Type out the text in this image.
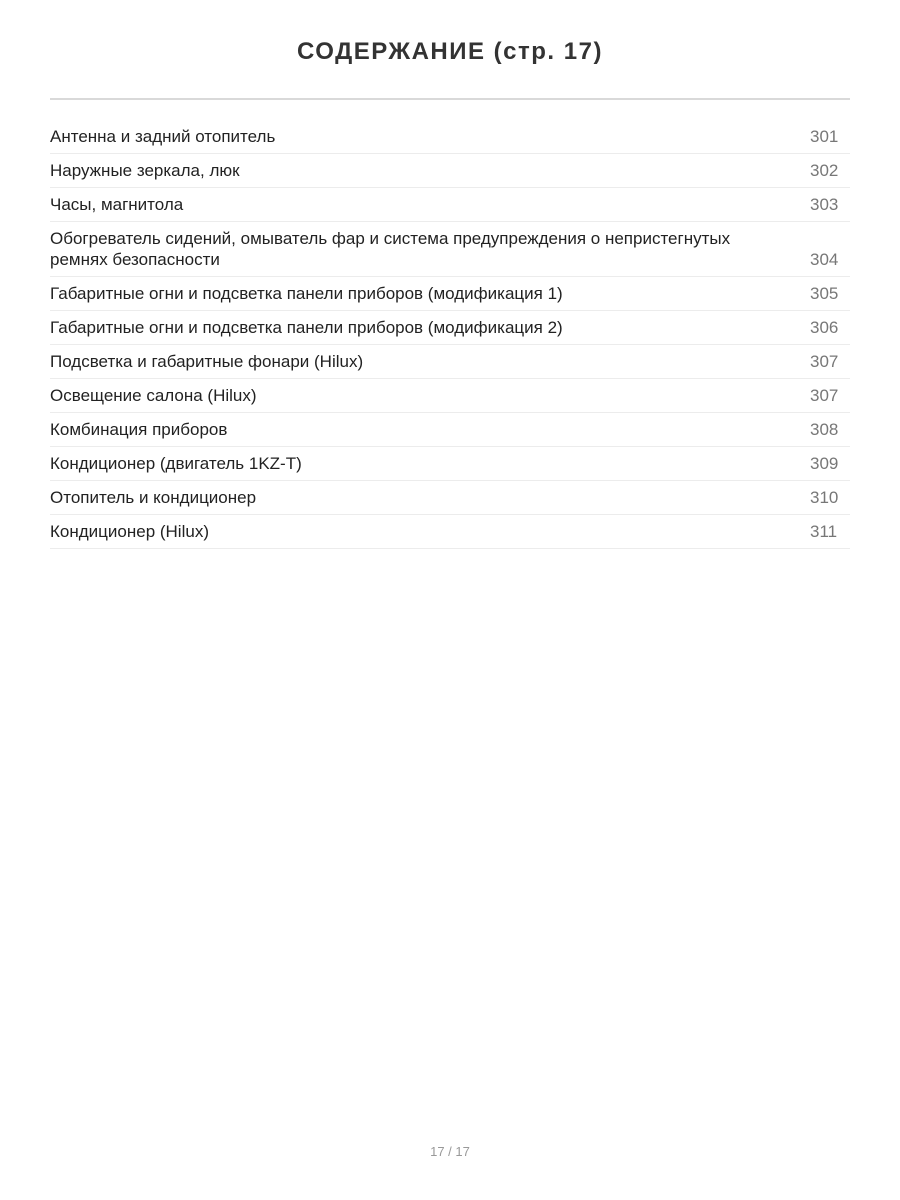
СОДЕРЖАНИЕ (стр. 17)
Антенна и задний отопитель	301
Наружные зеркала, люк	302
Часы, магнитола	303
Обогреватель сидений, омыватель фар и система предупреждения о непристегнутых ремнях безопасности	304
Габаритные огни и подсветка панели приборов (модификация 1)	305
Габаритные огни и подсветка панели приборов (модификация 2)	306
Подсветка и габаритные фонари (Hilux)	307
Освещение салона (Hilux)	307
Комбинация приборов	308
Кондиционер (двигатель 1KZ-T)	309
Отопитель и кондиционер	310
Кондиционер (Hilux)	311
17 / 17
